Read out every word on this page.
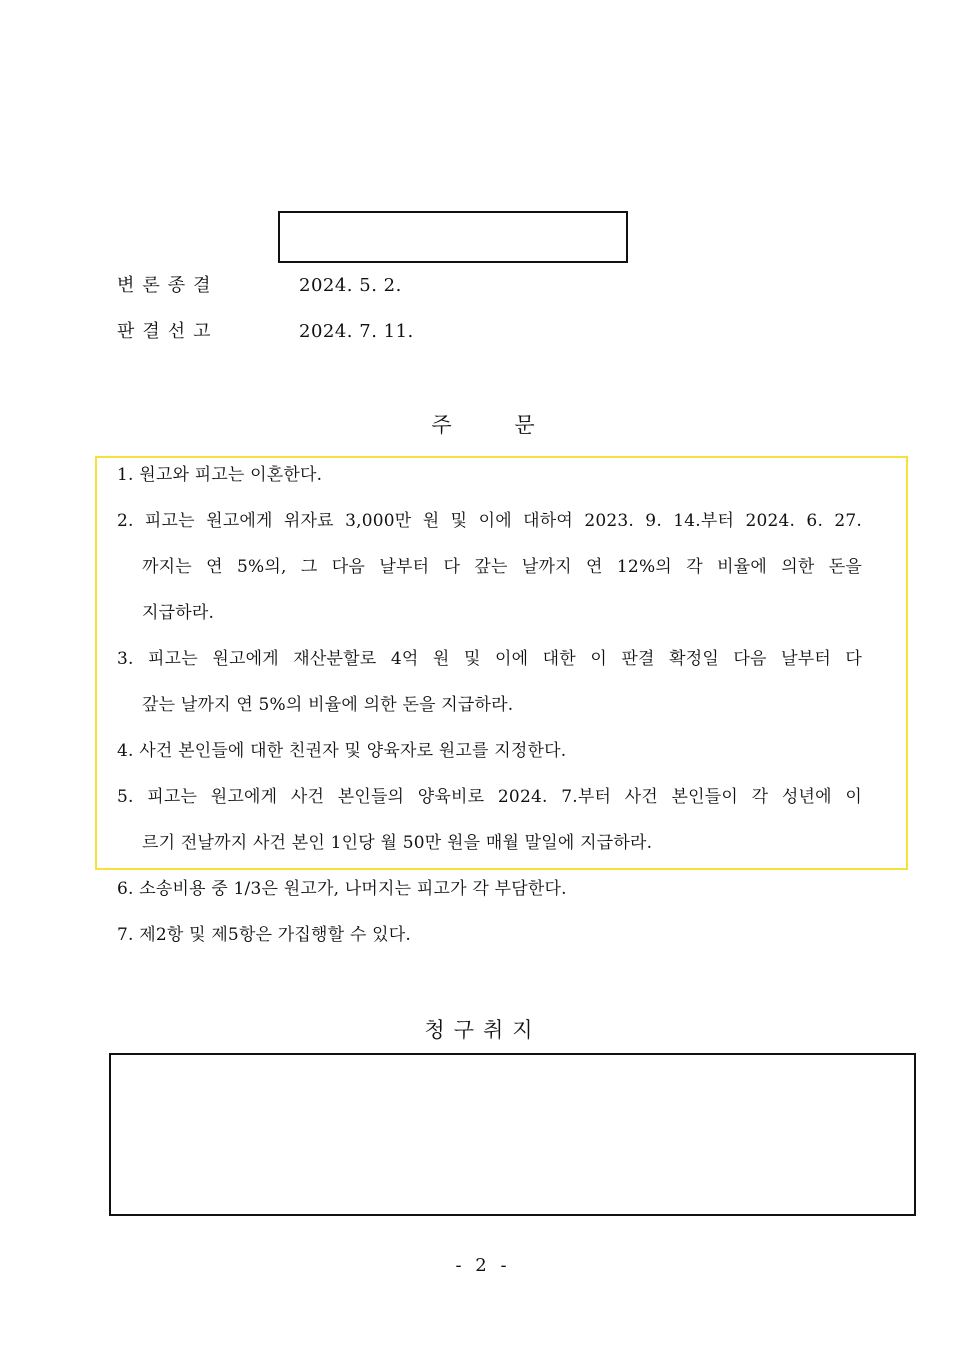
변론종결	2024. 5. 2.
판결선고	2024. 7. 11.
주 문
1. 원고와 피고는 이혼한다.
2. 피고는 원고에게 위자료 3,000만 원 및 이에 대하여 2023. 9. 14.부터 2024. 6. 27.
까지는 연 5%의, 그 다음 날부터 다 갚는 날까지 연 12%의 각 비율에 의한 돈을
지급하라.
3. 피고는 원고에게 재산분할로 4억 원 및 이에 대한 이 판결 확정일 다음 날부터 다
갚는 날까지 연 5%의 비율에 의한 돈을 지급하라.
4. 사건 본인들에 대한 친권자 및 양육자로 원고를 지정한다.
5. 피고는 원고에게 사건 본인들의 양육비로 2024. 7.부터 사건 본인들이 각 성년에 이
르기 전날까지 사건 본인 1인당 월 50만 원을 매월 말일에 지급하라.
6. 소송비용 중 1/3은 원고가, 나머지는 피고가 각 부담한다.
7. 제2항 및 제5항은 가집행할 수 있다.
청구취지
- 2 -
